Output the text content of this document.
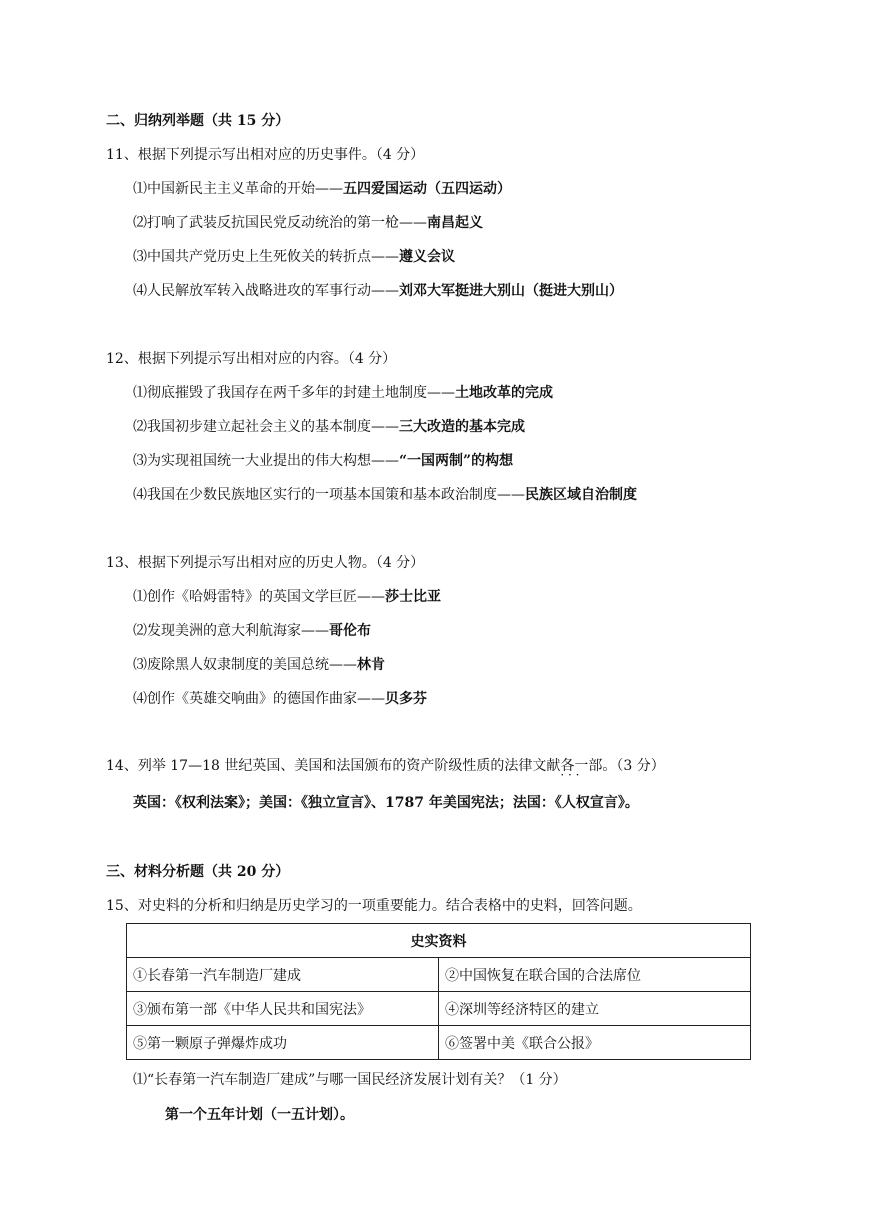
二、归纳列举题（共 15 分）
11、根据下列提示写出相对应的历史事件。（4 分）
⑴中国新民主主义革命的开始——五四爱国运动（五四运动）
⑵打响了武装反抗国民党反动统治的第一枪——南昌起义
⑶中国共产党历史上生死攸关的转折点——遵义会议
⑷人民解放军转入战略进攻的军事行动——刘邓大军挺进大别山（挺进大别山）
12、根据下列提示写出相对应的内容。（4 分）
⑴彻底摧毁了我国存在两千多年的封建土地制度——土地改革的完成
⑵我国初步建立起社会主义的基本制度——三大改造的基本完成
⑶为实现祖国统一大业提出的伟大构想——“一国两制”的构想
⑷我国在少数民族地区实行的一项基本国策和基本政治制度——民族区域自治制度
13、根据下列提示写出相对应的历史人物。（4 分）
⑴创作《哈姆雷特》的英国文学巨匠——莎士比亚
⑵发现美洲的意大利航海家——哥伦布
⑶废除黑人奴隶制度的美国总统——林肯
⑷创作《英雄交响曲》的德国作曲家——贝多芬
14、列举 17—18 世纪英国、美国和法国颁布的资产阶级性质的法律文献各一部 · · ·。（3 分）
英国：《权利法案》；美国：《独立宣言》、1787 年美国宪法；法国：《人权宣言》。
三、材料分析题（共 20 分）
15、对史料的分析和归纳是历史学习的一项重要能力。结合表格中的史料，回答问题。
史实资料	
①长春第一汽车制造厂建成	②中国恢复在联合国的合法席位
③颁布第一部《中华人民共和国宪法》	④深圳等经济特区的建立
⑤第一颗原子弹爆炸成功	⑥签署中美《联合公报》
⑴“长春第一汽车制造厂建成”与哪一国民经济发展计划有关？（1 分）
第一个五年计划（一五计划）。
